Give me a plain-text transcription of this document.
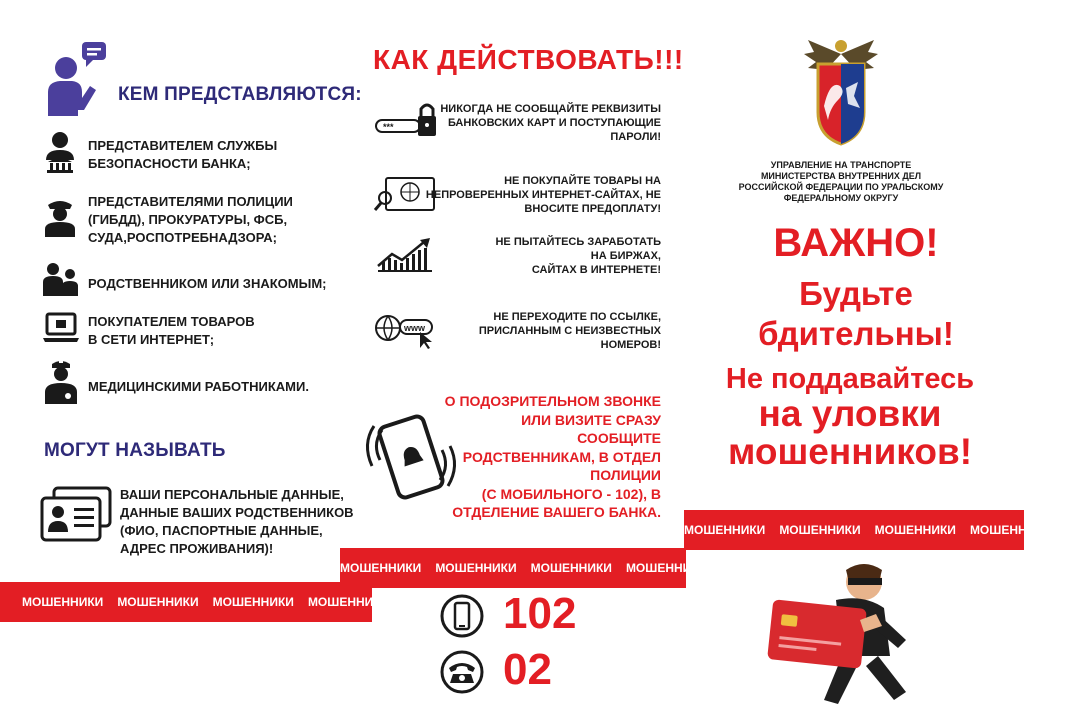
КЕМ ПРЕДСТАВЛЯЮТСЯ:
ПРЕДСТАВИТЕЛЕМ СЛУЖБЫ
БЕЗОПАСНОСТИ БАНКА;
ПРЕДСТАВИТЕЛЯМИ ПОЛИЦИИ
(ГИБДД), ПРОКУРАТУРЫ, ФСБ,
СУДА,РОСПОТРЕБНАДЗОРА;
РОДСТВЕННИКОМ ИЛИ ЗНАКОМЫМ;
ПОКУПАТЕЛЕМ ТОВАРОВ
В СЕТИ ИНТЕРНЕТ;
МЕДИЦИНСКИМИ РАБОТНИКАМИ.
МОГУТ НАЗЫВАТЬ
ВАШИ ПЕРСОНАЛЬНЫЕ ДАННЫЕ,
ДАННЫЕ ВАШИХ РОДСТВЕННИКОВ
(ФИО, ПАСПОРТНЫЕ ДАННЫЕ,
АДРЕС ПРОЖИВАНИЯ)!
МОШЕННИКИ МОШЕННИКИ МОШЕННИКИ МОШЕННИКИ
МОШЕННИКИ МОШЕННИКИ МОШЕННИКИ МОШЕННИКИ
МОШЕННИКИ МОШЕННИКИ МОШЕННИКИ МОШЕННИКИ
КАК ДЕЙСТВОВАТЬ!!!
***
НИКОГДА НЕ СООБЩАЙТЕ РЕКВИЗИТЫ
БАНКОВСКИХ КАРТ И ПОСТУПАЮЩИЕ
ПАРОЛИ!
НЕ ПОКУПАЙТЕ ТОВАРЫ НА
НЕПРОВЕРЕННЫХ ИНТЕРНЕТ-САЙТАХ, НЕ
ВНОСИТЕ ПРЕДОПЛАТУ!
НЕ ПЫТАЙТЕСЬ ЗАРАБОТАТЬ
НА БИРЖАХ,
САЙТАХ В ИНТЕРНЕТЕ!
www
НЕ ПЕРЕХОДИТЕ ПО ССЫЛКЕ,
ПРИСЛАННЫМ С НЕИЗВЕСТНЫХ
НОМЕРОВ!
О ПОДОЗРИТЕЛЬНОМ ЗВОНКЕ
ИЛИ ВИЗИТЕ СРАЗУ
СООБЩИТЕ
РОДСТВЕННИКАМ, В ОТДЕЛ
ПОЛИЦИИ
(С МОБИЛЬНОГО - 102), В
ОТДЕЛЕНИЕ ВАШЕГО БАНКА.
102
02
УПРАВЛЕНИЕ НА ТРАНСПОРТЕ
МИНИСТЕРСТВА ВНУТРЕННИХ ДЕЛ
РОССИЙСКОЙ ФЕДЕРАЦИИ ПО УРАЛЬСКОМУ
ФЕДЕРАЛЬНОМУ ОКРУГУ
ВАЖНО!
Будьте
бдительны!
Не поддавайтесь
на уловки
мошенников!
